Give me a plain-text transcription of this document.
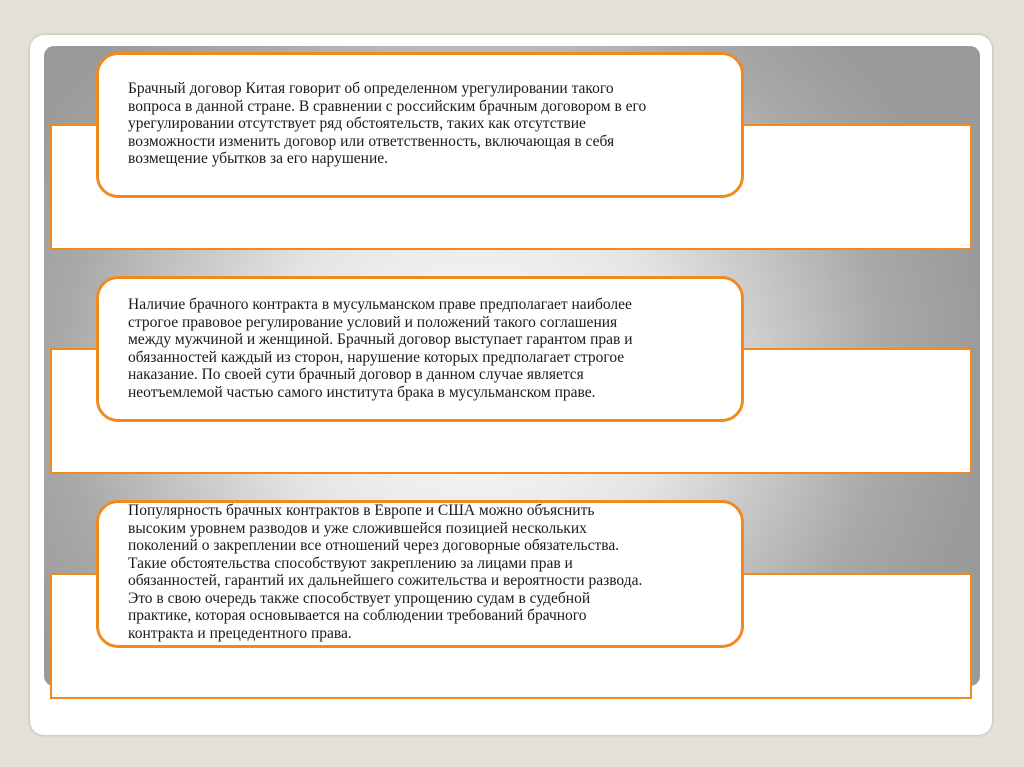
Брачный договор Китая говорит об определенном урегулировании такого
вопроса в данной стране. В сравнении с российским брачным договором в его
урегулировании отсутствует ряд обстоятельств, таких как отсутствие
возможности изменить договор или ответственность, включающая в себя
возмещение убытков за его нарушение.

Наличие брачного контракта в мусульманском праве предполагает наиболее
строгое правовое регулирование условий и положений такого соглашения
между мужчиной и женщиной. Брачный договор выступает гарантом прав и
обязанностей каждый из сторон, нарушение которых предполагает строгое
наказание. По своей сути брачный договор в данном случае является
неотъемлемой частью самого института брака в мусульманском праве.

Популярность брачных контрактов в Европе и США можно объяснить
высоким уровнем разводов и уже сложившейся позицией нескольких
поколений о закреплении все отношений через договорные обязательства.
Такие обстоятельства способствуют закреплению за лицами прав и
обязанностей, гарантий их дальнейшего сожительства и вероятности развода.
Это в свою очередь также способствует упрощению судам в судебной
практике, которая основывается на соблюдении требований брачного
контракта и прецедентного права.
